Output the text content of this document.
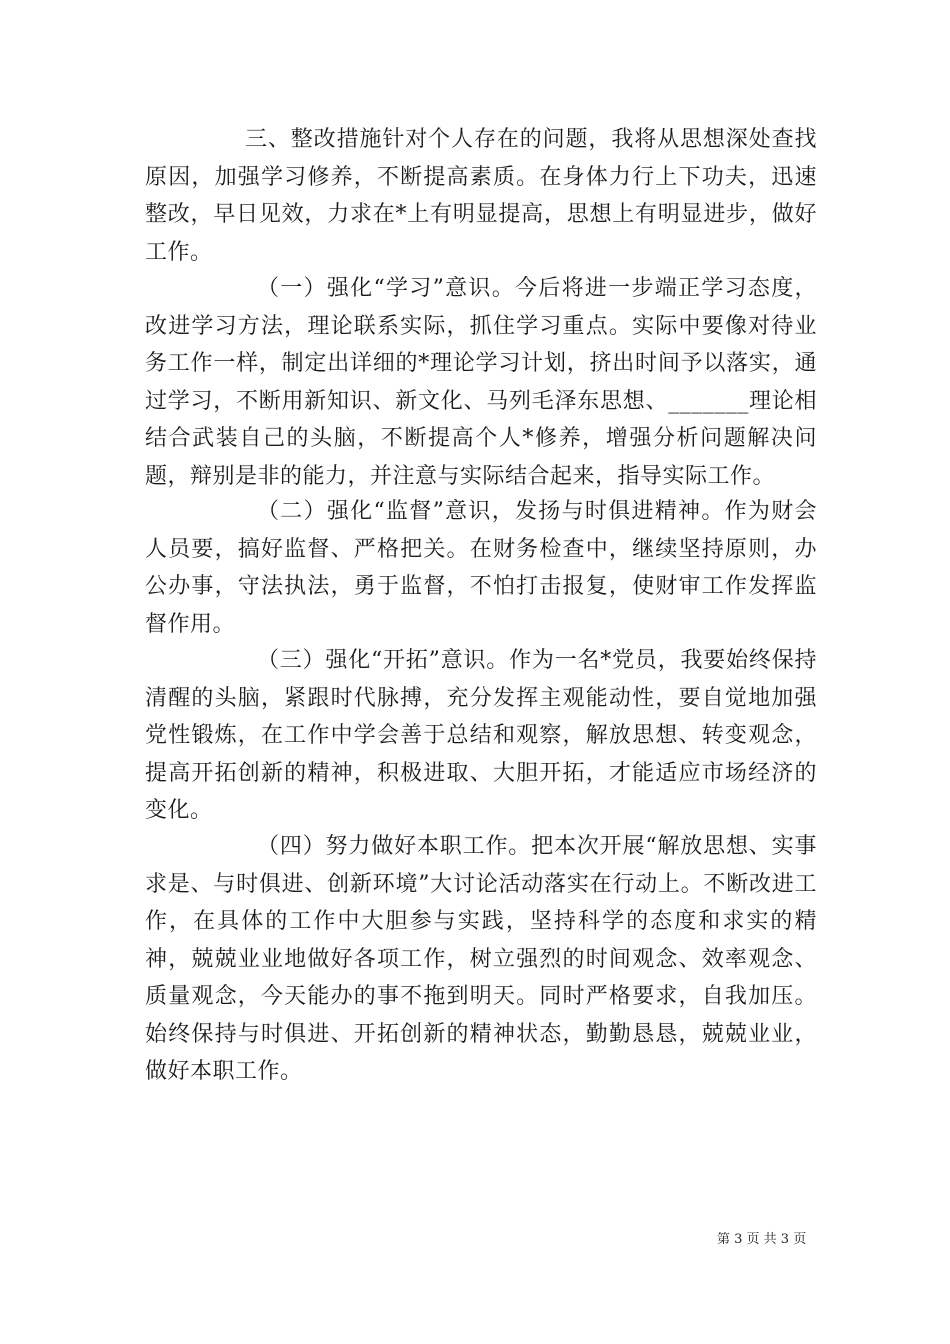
三、整改措施针对个人存在的问题，我将从思想深处查找原因，加强学习修养，不断提高素质。在身体力行上下功夫，迅速整改，早日见效，力求在*上有明显提高，思想上有明显进步，做好工作。

（一）强化“学习”意识。今后将进一步端正学习态度，改进学习方法，理论联系实际，抓住学习重点。实际中要像对待业务工作一样，制定出详细的*理论学习计划，挤出时间予以落实，通过学习，不断用新知识、新文化、马列毛泽东思想、_______理论相结合武装自己的头脑，不断提高个人*修养，增强分析问题解决问题，辩别是非的能力，并注意与实际结合起来，指导实际工作。

（二）强化“监督”意识，发扬与时俱进精神。作为财会人员要，搞好监督、严格把关。在财务检查中，继续坚持原则，办公办事，守法执法，勇于监督，不怕打击报复，使财审工作发挥监督作用。

（三）强化“开拓”意识。作为一名*党员，我要始终保持清醒的头脑，紧跟时代脉搏，充分发挥主观能动性，要自觉地加强党性锻炼，在工作中学会善于总结和观察，解放思想、转变观念，提高开拓创新的精神，积极进取、大胆开拓，才能适应市场经济的变化。

（四）努力做好本职工作。把本次开展“解放思想、实事求是、与时俱进、创新环境”大讨论活动落实在行动上。不断改进工作，在具体的工作中大胆参与实践，坚持科学的态度和求实的精神，兢兢业业地做好各项工作，树立强烈的时间观念、效率观念、质量观念，今天能办的事不拖到明天。同时严格要求，自我加压。始终保持与时俱进、开拓创新的精神状态，勤勤恳恳，兢兢业业，做好本职工作。

第 3 页 共 3 页
